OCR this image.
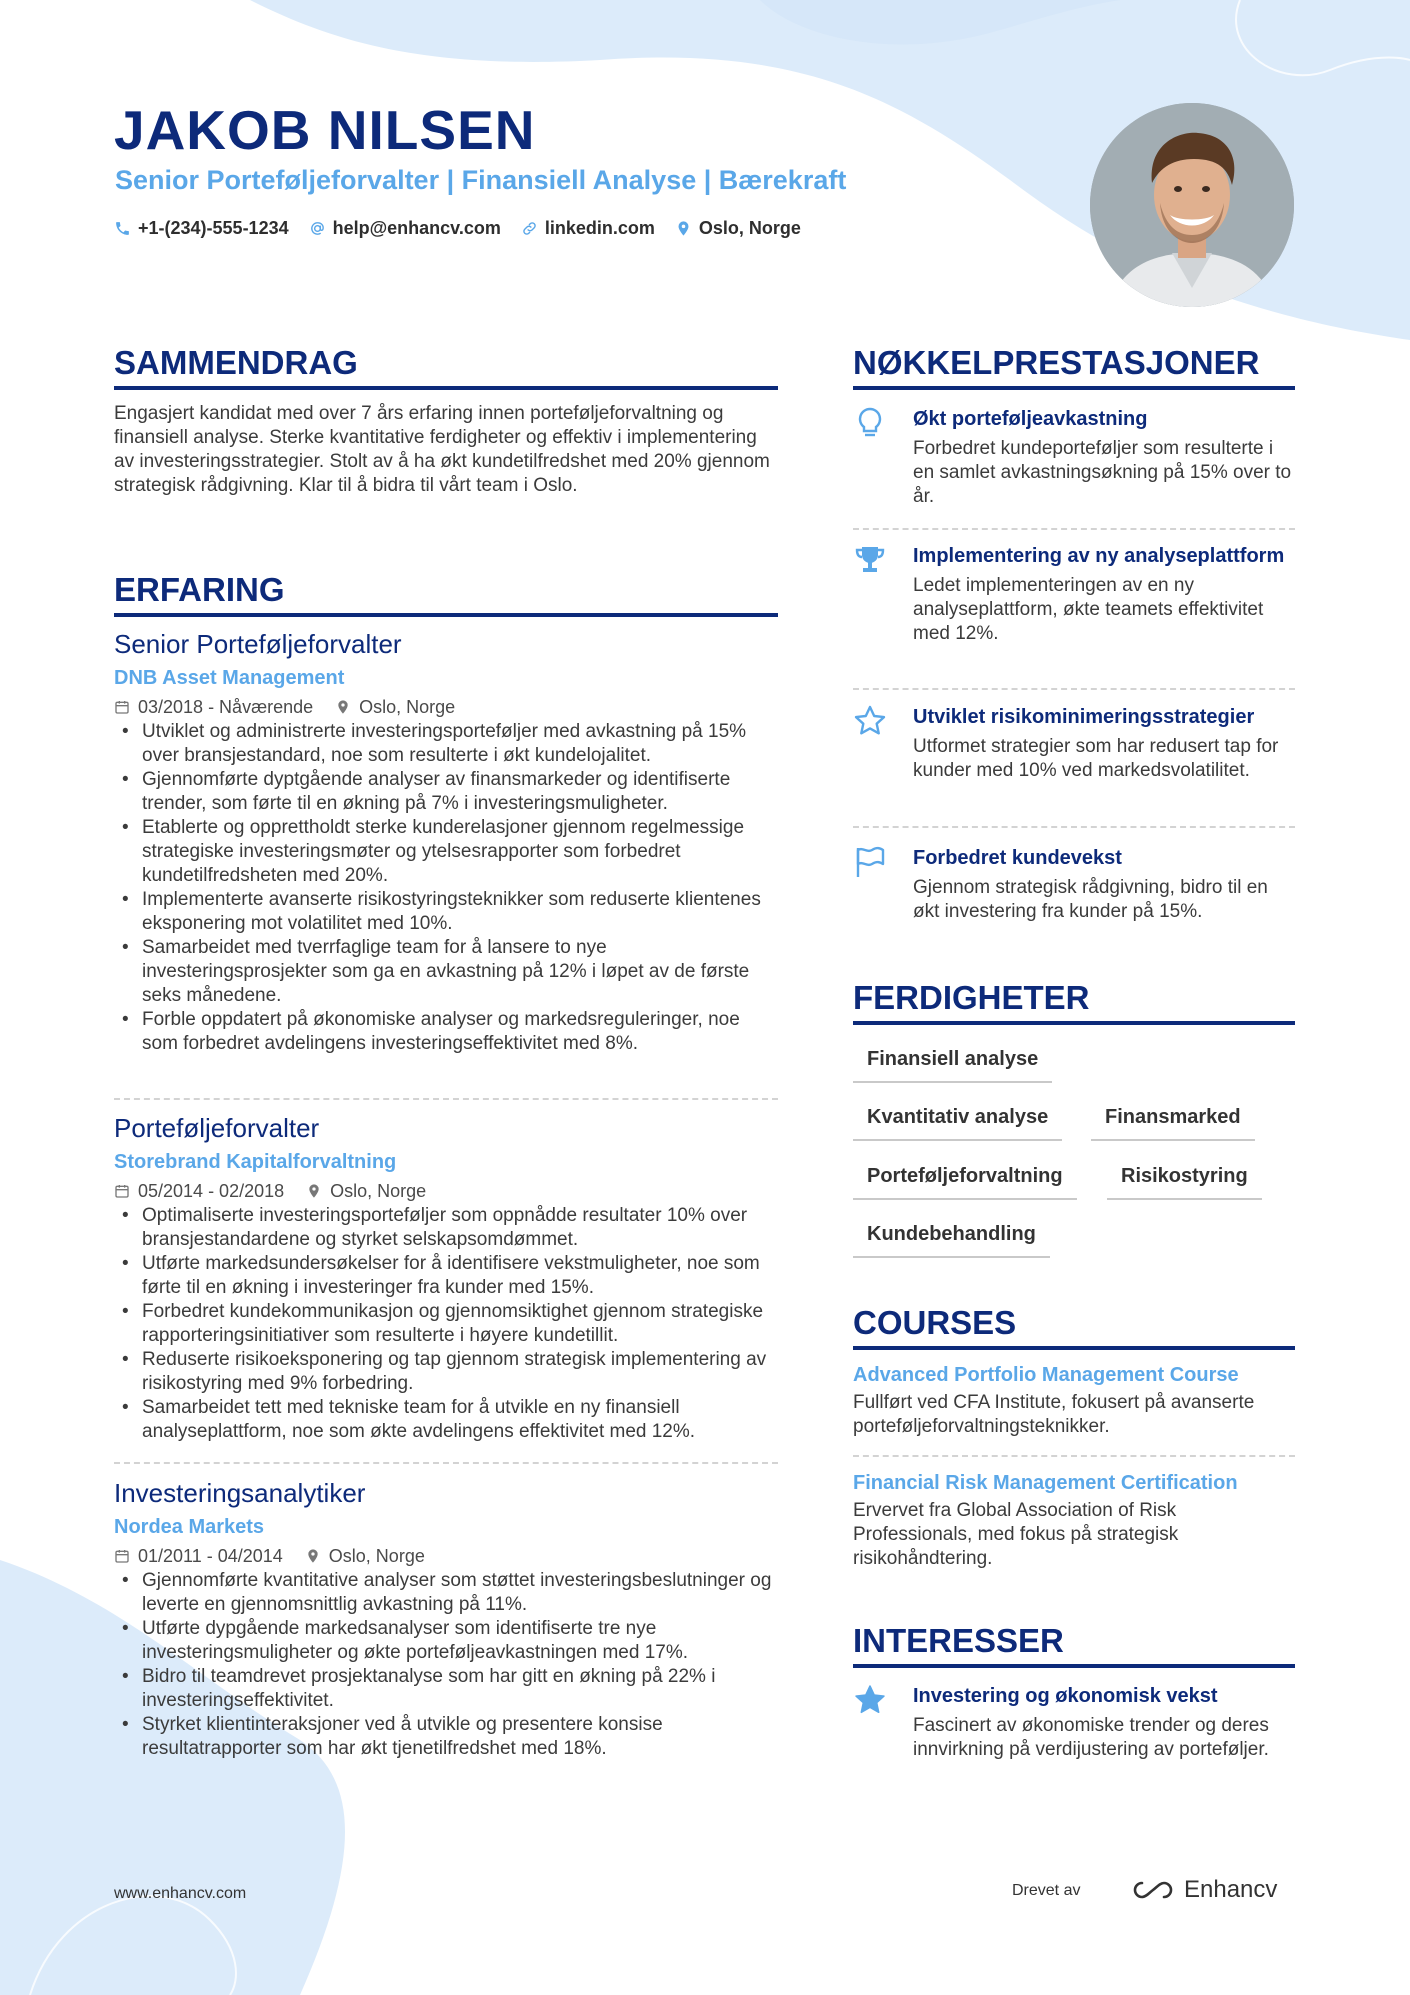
JAKOB NILSEN
Senior Porteføljeforvalter | Finansiell Analyse | Bærekraft
+1-(234)-555-1234 help@enhancv.com linkedin.com Oslo, Norge
SAMMENDRAG
Engasjert kandidat med over 7 års erfaring innen porteføljeforvaltning og finansiell analyse. Sterke kvantitative ferdigheter og effektiv i implementering av investeringsstrategier. Stolt av å ha økt kundetilfredshet med 20% gjennom strategisk rådgivning. Klar til å bidra til vårt team i Oslo.
ERFARING
Senior Porteføljeforvalter
DNB Asset Management
03/2018 - Nåværende	Oslo, Norge
• Utviklet og administrerte investeringsporteføljer med avkastning på 15% over bransjestandard, noe som resulterte i økt kundelojalitet.
• Gjennomførte dyptgående analyser av finansmarkeder og identifiserte trender, som førte til en økning på 7% i investeringsmuligheter.
• Etablerte og opprettholdt sterke kunderelasjoner gjennom regelmessige strategiske investeringsmøter og ytelsesrapporter som forbedret kundetilfredsheten med 20%.
• Implementerte avanserte risikostyringsteknikker som reduserte klientenes eksponering mot volatilitet med 10%.
• Samarbeidet med tverrfaglige team for å lansere to nye investeringsprosjekter som ga en avkastning på 12% i løpet av de første seks månedene.
• Forble oppdatert på økonomiske analyser og markedsreguleringer, noe som forbedret avdelingens investeringseffektivitet med 8%.
Porteføljeforvalter
Storebrand Kapitalforvaltning
05/2014 - 02/2018	Oslo, Norge
• Optimaliserte investeringsporteføljer som oppnådde resultater 10% over bransjestandardene og styrket selskapsomdømmet.
• Utførte markedsundersøkelser for å identifisere vekstmuligheter, noe som førte til en økning i investeringer fra kunder med 15%.
• Forbedret kundekommunikasjon og gjennomsiktighet gjennom strategiske rapporteringsinitiativer som resulterte i høyere kundetillit.
• Reduserte risikoeksponering og tap gjennom strategisk implementering av risikostyring med 9% forbedring.
• Samarbeidet tett med tekniske team for å utvikle en ny finansiell analyseplattform, noe som økte avdelingens effektivitet med 12%.
Investeringsanalytiker
Nordea Markets
01/2011 - 04/2014	Oslo, Norge
• Gjennomførte kvantitative analyser som støttet investeringsbeslutninger og leverte en gjennomsnittlig avkastning på 11%.
• Utførte dypgående markedsanalyser som identifiserte tre nye investeringsmuligheter og økte porteføljeavkastningen med 17%.
• Bidro til teamdrevet prosjektanalyse som har gitt en økning på 22% i investeringseffektivitet.
• Styrket klientinteraksjoner ved å utvikle og presentere konsise resultatrapporter som har økt tjenetilfredshet med 18%.
NØKKELPRESTASJONER
Økt porteføljeavkastning
Forbedret kundeporteføljer som resulterte i en samlet avkastningsøkning på 15% over to år.
Implementering av ny analyseplattform
Ledet implementeringen av en ny analyseplattform, økte teamets effektivitet med 12%.
Utviklet risikominimeringsstrategier
Utformet strategier som har redusert tap for kunder med 10% ved markedsvolatilitet.
Forbedret kundevekst
Gjennom strategisk rådgivning, bidro til en økt investering fra kunder på 15%.
FERDIGHETER
Finansiell analyse
Kvantitativ analyse	Finansmarked
Porteføljeforvaltning	Risikostyring
Kundebehandling
COURSES
Advanced Portfolio Management Course
Fullført ved CFA Institute, fokusert på avanserte porteføljeforvaltningsteknikker.
Financial Risk Management Certification
Ervervet fra Global Association of Risk Professionals, med fokus på strategisk risikohåndtering.
INTERESSER
Investering og økonomisk vekst
Fascinert av økonomiske trender og deres innvirkning på verdijustering av porteføljer.
www.enhancv.com	Drevet av	Enhancv
